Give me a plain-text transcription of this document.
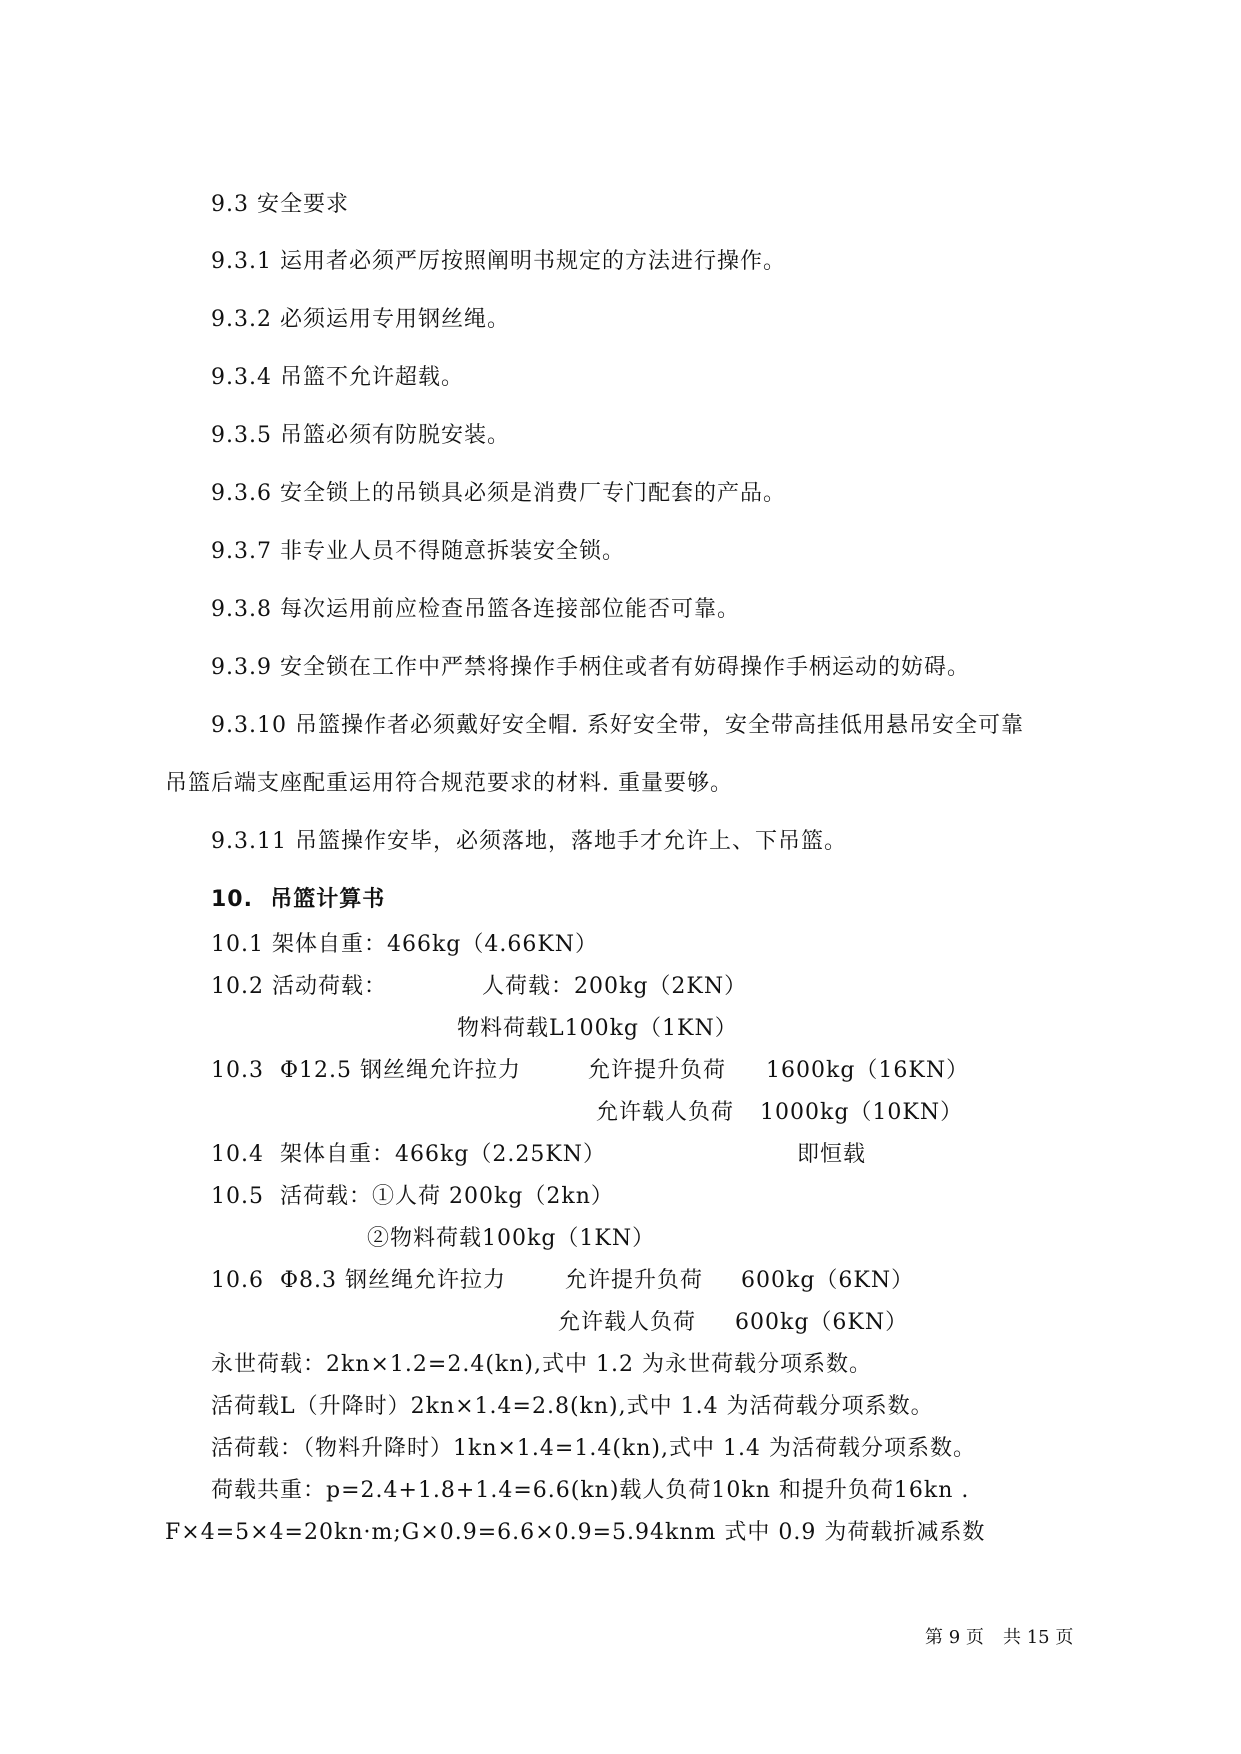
9.3 安全要求
9.3.1 运用者必须严厉按照阐明书规定的方法进行操作。
9.3.2 必须运用专用钢丝绳。
9.3.4 吊篮不允许超载。
9.3.5 吊篮必须有防脱安装。
9.3.6 安全锁上的吊锁具必须是消费厂专门配套的产品。
9.3.7 非专业人员不得随意拆装安全锁。
9.3.8 每次运用前应检查吊篮各连接部位能否可靠。
9.3.9 安全锁在工作中严禁将操作手柄住或者有妨碍操作手柄运动的妨碍。
9.3.10 吊篮操作者必须戴好安全帽. 系好安全带，安全带高挂低用悬吊安全可靠
吊篮后端支座配重运用符合规范要求的材料. 重量要够。
9.3.11 吊篮操作安毕，必须落地，落地手才允许上、下吊篮。
10.  吊篮计算书
10.1 架体自重：466kg（4.66KN）
10.2 活动荷载：	人荷载：200kg（2KN）
物料荷载L100kg（1KN）
10.3  Φ12.5 钢丝绳允许拉力	允许提升负荷 1600kg（16KN）
允许载人负荷 1000kg（10KN）
10.4  架体自重：466kg（2.25KN）	即恒载
10.5  活荷载：①人荷 200kg（2kn）
②物料荷载100kg（1KN）
10.6  Φ8.3 钢丝绳允许拉力	允许提升负荷 600kg（6KN）
允许载人负荷 600kg（6KN）
永世荷载：2kn×1.2=2.4(kn),式中 1.2 为永世荷载分项系数。
活荷载L（升降时）2kn×1.4=2.8(kn),式中 1.4 为活荷载分项系数。
活荷载：（物料升降时）1kn×1.4=1.4(kn),式中 1.4 为活荷载分项系数。
荷载共重：p=2.4+1.8+1.4=6.6(kn)载人负荷10kn 和提升负荷16kn .
F×4=5×4=20kn·m;G×0.9=6.6×0.9=5.94knm 式中 0.9 为荷载折减系数
第 9 页 共 15 页
